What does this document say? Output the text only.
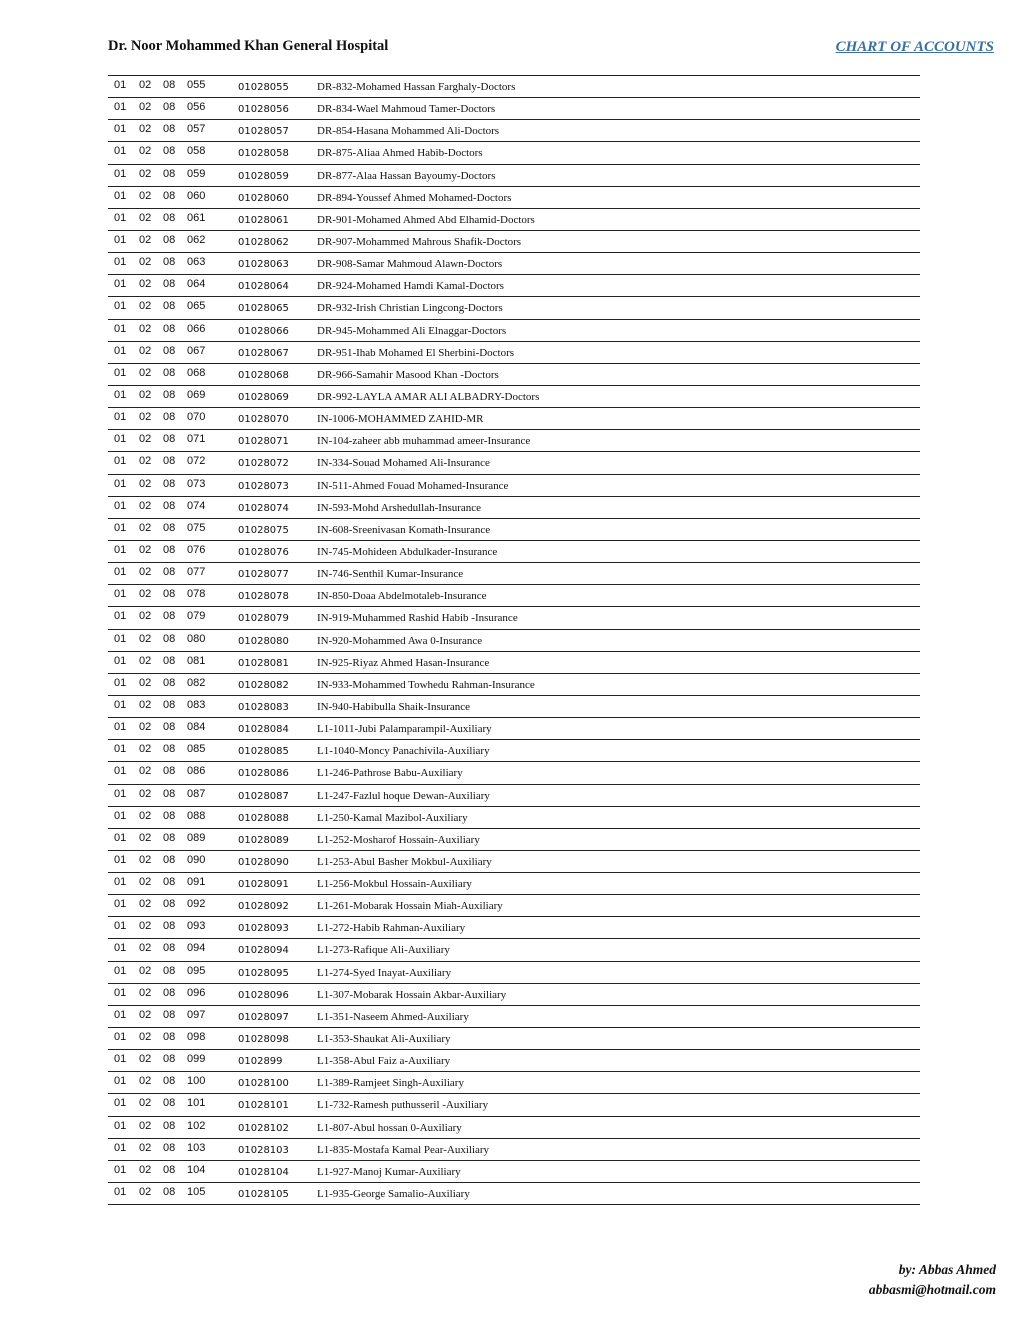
Dr. Noor Mohammed Khan General Hospital	CHART OF ACCOUNTS
01 02 08 055	01028055	DR-832-Mohamed Hassan Farghaly-Doctors
01 02 08 056	01028056	DR-834-Wael Mahmoud Tamer-Doctors
01 02 08 057	01028057	DR-854-Hasana Mohammed Ali-Doctors
01 02 08 058	01028058	DR-875-Aliaa Ahmed Habib-Doctors
01 02 08 059	01028059	DR-877-Alaa Hassan Bayoumy-Doctors
01 02 08 060	01028060	DR-894-Youssef Ahmed Mohamed-Doctors
01 02 08 061	01028061	DR-901-Mohamed Ahmed Abd Elhamid-Doctors
01 02 08 062	01028062	DR-907-Mohammed Mahrous Shafik-Doctors
01 02 08 063	01028063	DR-908-Samar Mahmoud Alawn-Doctors
01 02 08 064	01028064	DR-924-Mohamed Hamdi Kamal-Doctors
01 02 08 065	01028065	DR-932-Irish Christian Lingcong-Doctors
01 02 08 066	01028066	DR-945-Mohammed Ali Elnaggar-Doctors
01 02 08 067	01028067	DR-951-Ihab Mohamed El Sherbini-Doctors
01 02 08 068	01028068	DR-966-Samahir Masood Khan -Doctors
01 02 08 069	01028069	DR-992-LAYLA AMAR ALI ALBADRY-Doctors
01 02 08 070	01028070	IN-1006-MOHAMMED ZAHID-MR
01 02 08 071	01028071	IN-104-zaheer abb muhammad ameer-Insurance
01 02 08 072	01028072	IN-334-Souad Mohamed Ali-Insurance
01 02 08 073	01028073	IN-511-Ahmed Fouad Mohamed-Insurance
01 02 08 074	01028074	IN-593-Mohd Arshedullah-Insurance
01 02 08 075	01028075	IN-608-Sreenivasan Komath-Insurance
01 02 08 076	01028076	IN-745-Mohideen Abdulkader-Insurance
01 02 08 077	01028077	IN-746-Senthil Kumar-Insurance
01 02 08 078	01028078	IN-850-Doaa Abdelmotaleb-Insurance
01 02 08 079	01028079	IN-919-Muhammed Rashid Habib -Insurance
01 02 08 080	01028080	IN-920-Mohammed Awa 0-Insurance
01 02 08 081	01028081	IN-925-Riyaz Ahmed Hasan-Insurance
01 02 08 082	01028082	IN-933-Mohammed Towhedu Rahman-Insurance
01 02 08 083	01028083	IN-940-Habibulla Shaik-Insurance
01 02 08 084	01028084	L1-1011-Jubi Palamparampil-Auxiliary
01 02 08 085	01028085	L1-1040-Moncy Panachivila-Auxiliary
01 02 08 086	01028086	L1-246-Pathrose Babu-Auxiliary
01 02 08 087	01028087	L1-247-Fazlul hoque Dewan-Auxiliary
01 02 08 088	01028088	L1-250-Kamal Mazibol-Auxiliary
01 02 08 089	01028089	L1-252-Mosharof Hossain-Auxiliary
01 02 08 090	01028090	L1-253-Abul Basher Mokbul-Auxiliary
01 02 08 091	01028091	L1-256-Mokbul Hossain-Auxiliary
01 02 08 092	01028092	L1-261-Mobarak Hossain Miah-Auxiliary
01 02 08 093	01028093	L1-272-Habib Rahman-Auxiliary
01 02 08 094	01028094	L1-273-Rafique Ali-Auxiliary
01 02 08 095	01028095	L1-274-Syed Inayat-Auxiliary
01 02 08 096	01028096	L1-307-Mobarak Hossain Akbar-Auxiliary
01 02 08 097	01028097	L1-351-Naseem Ahmed-Auxiliary
01 02 08 098	01028098	L1-353-Shaukat Ali-Auxiliary
01 02 08 099	0102899	L1-358-Abul Faiz a-Auxiliary
01 02 08 100	01028100	L1-389-Ramjeet Singh-Auxiliary
01 02 08 101	01028101	L1-732-Ramesh puthusseril -Auxiliary
01 02 08 102	01028102	L1-807-Abul hossan 0-Auxiliary
01 02 08 103	01028103	L1-835-Mostafa Kamal Pear-Auxiliary
01 02 08 104	01028104	L1-927-Manoj Kumar-Auxiliary
01 02 08 105	01028105	L1-935-George Samalio-Auxiliary
by: Abbas Ahmed
abbasmi@hotmail.com
